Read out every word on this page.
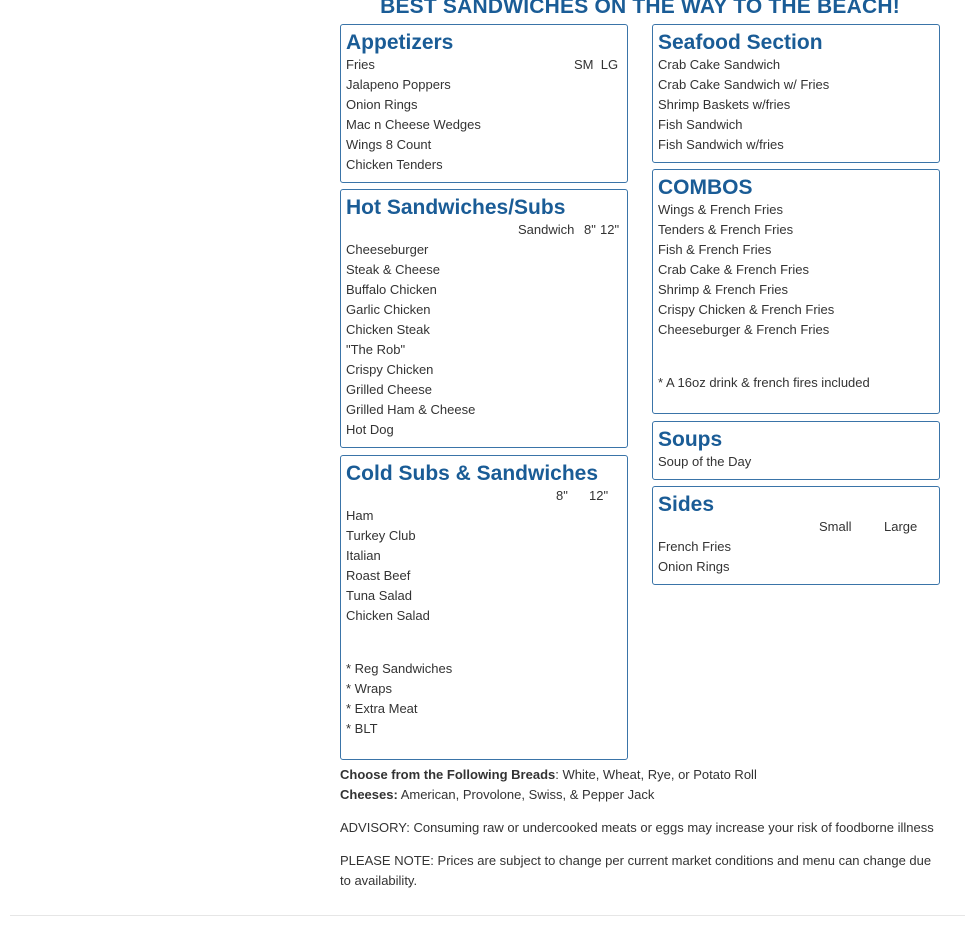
BEST SANDWICHES ON THE WAY TO THE BEACH!
Appetizers
Fries	SM  LG
Jalapeno Poppers
Onion Rings
Mac n Cheese Wedges
Wings 8 Count
Chicken Tenders
Hot Sandwiches/Subs
Sandwich 8" 12"
Cheeseburger
Steak & Cheese
Buffalo Chicken
Garlic Chicken
Chicken Steak
"The Rob"
Crispy Chicken
Grilled Cheese
Grilled Ham & Cheese
Hot Dog
Cold Subs & Sandwiches
8" 12"
Ham
Turkey Club
Italian
Roast Beef
Tuna Salad
Chicken Salad
* Reg Sandwiches
* Wraps
* Extra Meat
* BLT
Seafood Section
Crab Cake Sandwich
Crab Cake Sandwich w/ Fries
Shrimp Baskets w/fries
Fish Sandwich
Fish Sandwich w/fries
COMBOS
Wings & French Fries
Tenders & French Fries
Fish & French Fries
Crab Cake & French Fries
Shrimp & French Fries
Crispy Chicken & French Fries
Cheeseburger & French Fries
* A 16oz drink & french fires included
Soups
Soup of the Day
Sides
Small Large
French Fries
Onion Rings
Choose from the Following Breads: White, Wheat, Rye, or Potato Roll
Cheeses: American, Provolone, Swiss, & Pepper Jack
ADVISORY: Consuming raw or undercooked meats or eggs may increase your risk of foodborne illness
PLEASE NOTE: Prices are subject to change per current market conditions and menu can change due to availability.
